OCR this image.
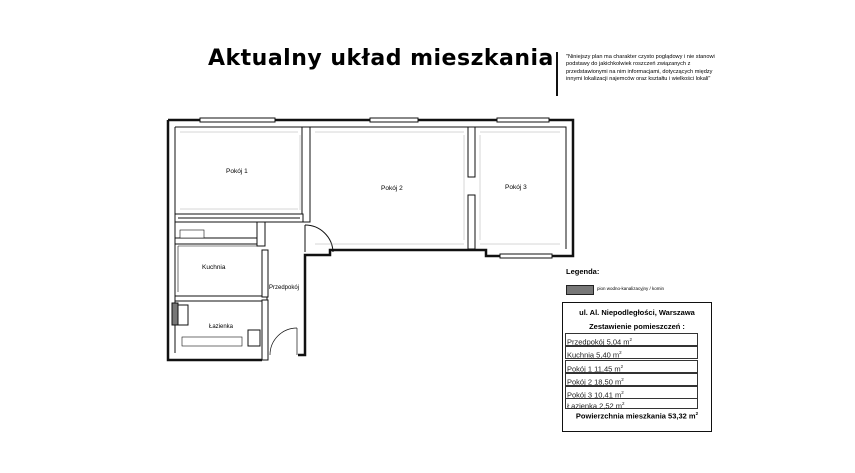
Aktualny układ mieszkania "Niniejszy plan ma charakter czysto poglądowy i nie stanowi podstawy do jakichkolwiek roszczeń związanych z przedstawionymi na nim informacjami, dotyczących między innymi lokalizacji najemców oraz kształtu i wielkości lokali"
Pokój 1
Pokój 2	Pokój 3
Kuchnia
Przedpokój
Łazienka
Legenda:
pion wodno-kanalizacyjny / komin
ul. Al. Niepodległości, Warszawa
Zestawienie pomieszczeń :
Przedpokój 5,04 $m^2$
Kuchnia 5,40 $m^2$
Pokój 1 11,45 $m^2$
Pokój 2 18,50 $m^2$
Pokój 3 10,41 $m^2$
Łazienka 2,52 $m^2$
Powierzchnia mieszkania 53,32 $m^2$
